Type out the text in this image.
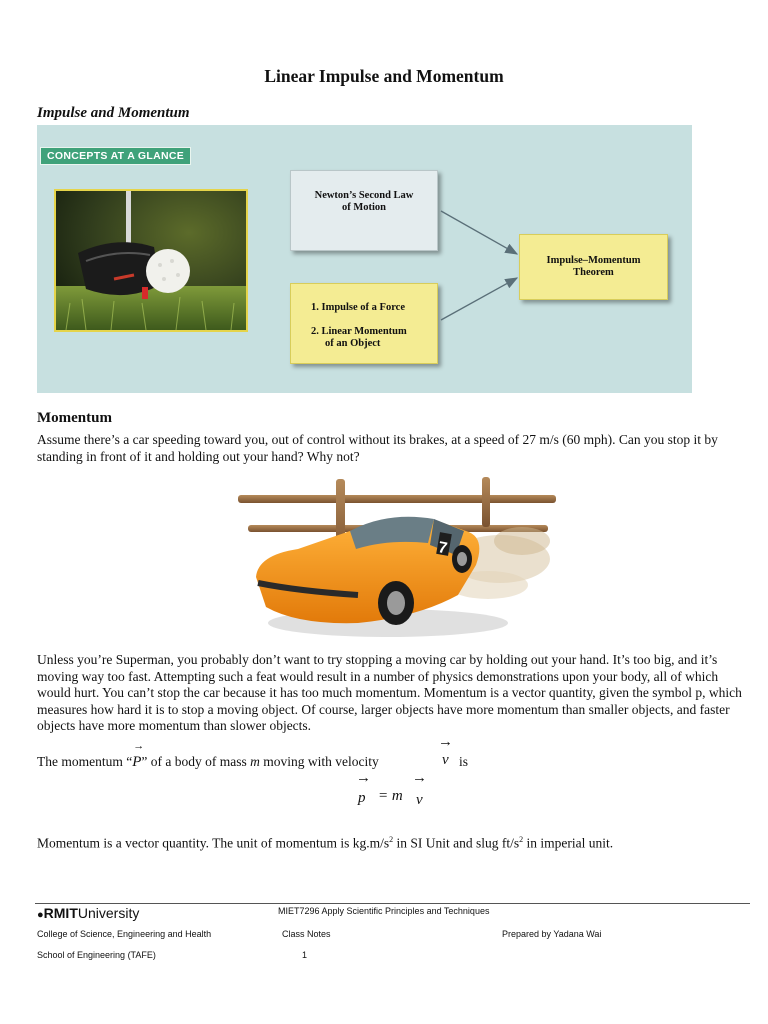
Linear Impulse and Momentum
Impulse and Momentum
CONCEPTS AT A GLANCE
Newton’s Second Law of Motion
1. Impulse of a Force
2. Linear Momentum
of an Object
Impulse–Momentum
Theorem
Momentum
Assume there’s a car speeding toward you, out of control without its brakes, at a speed of 27 m/s (60 mph). Can you stop it by standing in front of it and holding out your hand? Why not?
7
Unless you’re Superman, you probably don’t want to try stopping a moving car by holding out your hand. It’s too big, and it’s moving way too fast. Attempting such a feat would result in a number of physics demonstrations upon your body, all of which would hurt. You can’t stop the car because it has too much momentum. Momentum is a vector quantity, given the symbol p, which measures how hard it is to stop a moving object. Of course, larger objects have more momentum than smaller objects, and faster objects have more momentum than slower objects.
The momentum “
→
P” of a body of mass m moving with velocity
→
v is
→
p = m
→
v
Momentum is a vector quantity. The unit of momentum is $kg.m/s^2$ in SI Unit and slug $ft/s^2$ in imperial unit.
●RMITUniversity	MIET7296 Apply Scientific Principles and Techniques
College of Science, Engineering and Health	Class Notes	Prepared by Yadana Wai
School of Engineering (TAFE)	1
